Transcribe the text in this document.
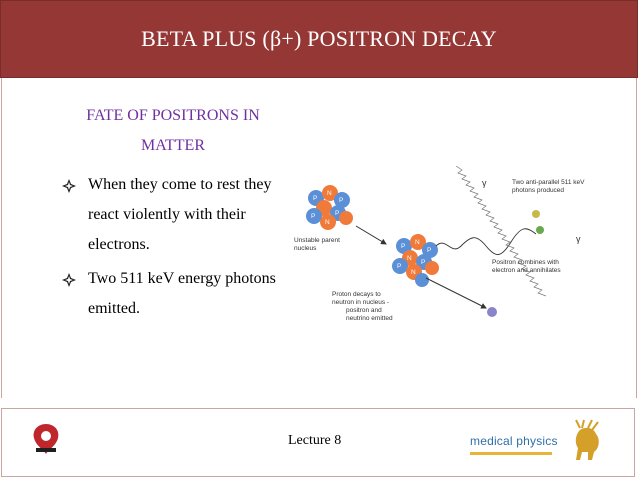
BETA PLUS (β+) POSITRON DECAY
FATE OF POSITRONS IN
MATTER
When they come to rest they react violently with their electrons.
Two 511 keV energy photons emitted.
P
N
P
P	P
N
Unstable parent
nucleus	P
N
P
P
N
P
N
γ
γ
Two anti-parallel 511 keV
photons produced
Positron combines with
electron and annihilates
Proton decays to
neutron in nucleus -
positron and
neutrino emitted
Lecture 8	medical physics
